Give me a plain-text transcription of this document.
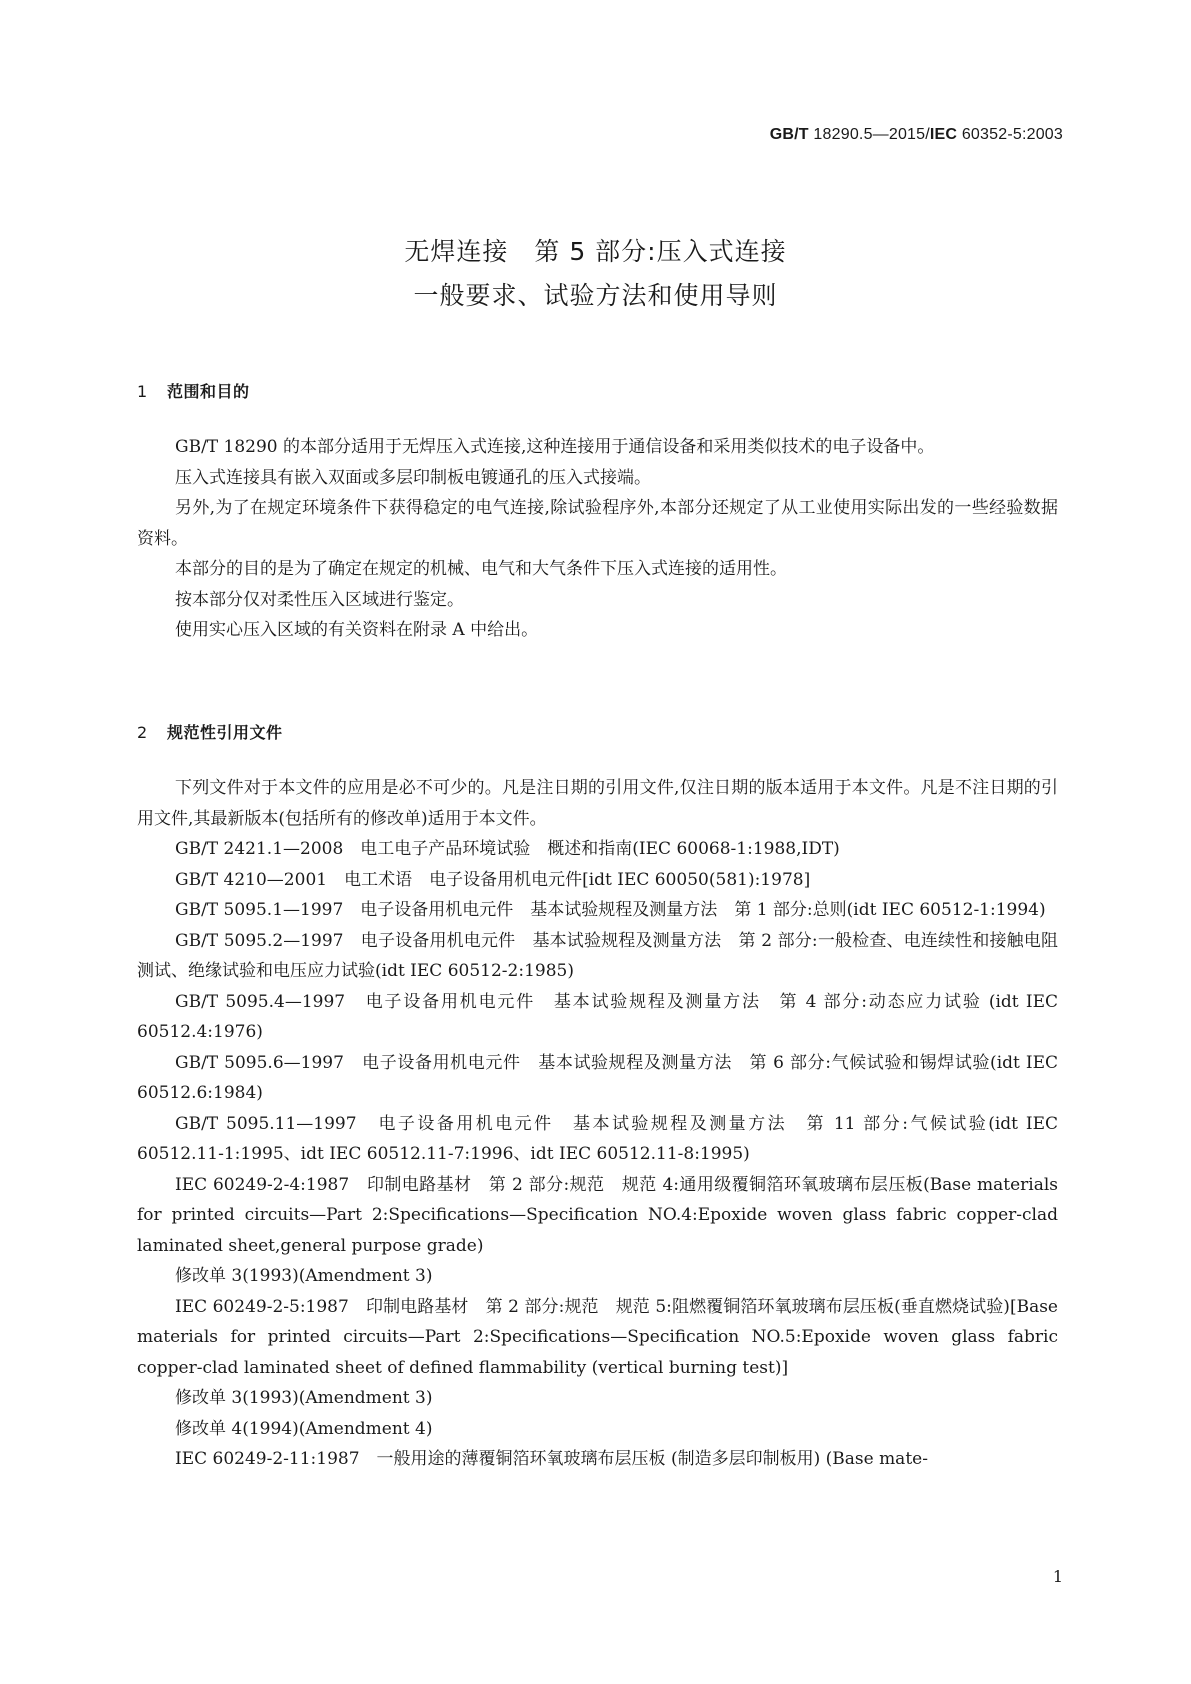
GB/T 18290.5—2015/IEC 60352-5:2003
无焊连接　第 5 部分:压入式连接
一般要求、试验方法和使用导则
1 范围和目的

GB/T 18290 的本部分适用于无焊压入式连接,这种连接用于通信设备和采用类似技术的电子设备中。

压入式连接具有嵌入双面或多层印制板电镀通孔的压入式接端。

另外,为了在规定环境条件下获得稳定的电气连接,除试验程序外,本部分还规定了从工业使用实际出发的一些经验数据资料。

本部分的目的是为了确定在规定的机械、电气和大气条件下压入式连接的适用性。

按本部分仅对柔性压入区域进行鉴定。

使用实心压入区域的有关资料在附录 A 中给出。

2 规范性引用文件

下列文件对于本文件的应用是必不可少的。凡是注日期的引用文件,仅注日期的版本适用于本文件。凡是不注日期的引用文件,其最新版本(包括所有的修改单)适用于本文件。

GB/T 2421.1—2008　电工电子产品环境试验　概述和指南(IEC 60068-1:1988,IDT)

GB/T 4210—2001　电工术语　电子设备用机电元件[idt IEC 60050(581):1978]

GB/T 5095.1—1997　电子设备用机电元件　基本试验规程及测量方法　第 1 部分:总则(idt IEC 60512-1:1994)

GB/T 5095.2—1997　电子设备用机电元件　基本试验规程及测量方法　第 2 部分:一般检查、电连续性和接触电阻测试、绝缘试验和电压应力试验(idt IEC 60512-2:1985)

GB/T 5095.4—1997　电子设备用机电元件　基本试验规程及测量方法　第 4 部分:动态应力试验 (idt IEC 60512.4:1976)

GB/T 5095.6—1997　电子设备用机电元件　基本试验规程及测量方法　第 6 部分:气候试验和锡焊试验(idt IEC 60512.6:1984)

GB/T 5095.11—1997　电子设备用机电元件　基本试验规程及测量方法　第 11 部分:气候试验(idt IEC 60512.11-1:1995、idt IEC 60512.11-7:1996、idt IEC 60512.11-8:1995)

IEC 60249-2-4:1987　印制电路基材　第 2 部分:规范　规范 4:通用级覆铜箔环氧玻璃布层压板(Base materials for printed circuits—Part 2:Specifications—Specification NO.4:Epoxide woven glass fabric copper-clad laminated sheet,general purpose grade)

修改单 3(1993)(Amendment 3)

IEC 60249-2-5:1987　印制电路基材　第 2 部分:规范　规范 5:阻燃覆铜箔环氧玻璃布层压板(垂直燃烧试验)[Base materials for printed circuits—Part 2:Specifications—Specification NO.5:Epoxide woven glass fabric copper-clad laminated sheet of defined flammability (vertical burning test)]

修改单 3(1993)(Amendment 3)

修改单 4(1994)(Amendment 4)

IEC 60249-2-11:1987　一般用途的薄覆铜箔环氧玻璃布层压板 (制造多层印制板用) (Base mate-

1
